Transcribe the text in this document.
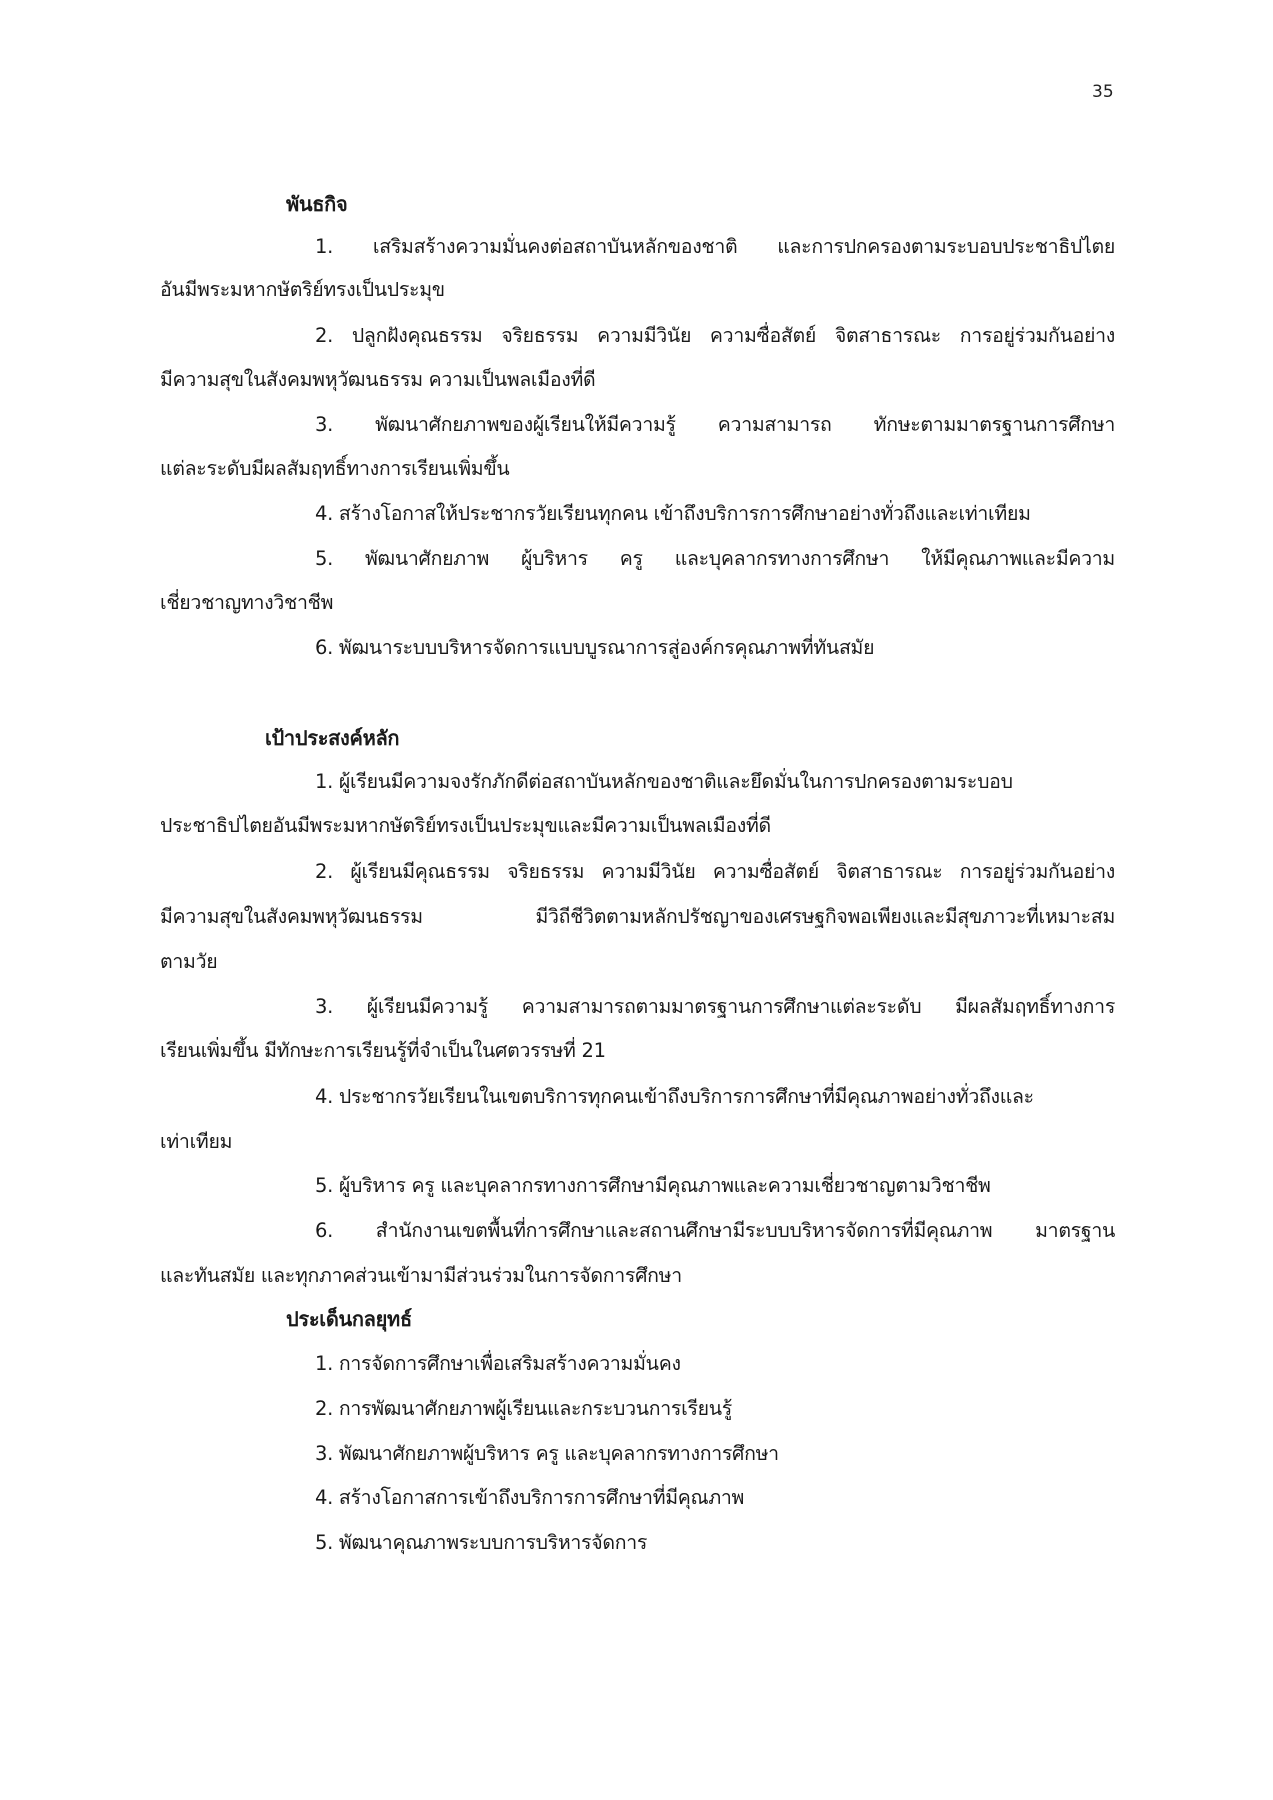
35
พันธกิจ
1. เสริมสร้างความมั่นคงต่อสถาบันหลักของชาติ และการปกครองตามระบอบประชาธิปไตย
อันมีพระมหากษัตริย์ทรงเป็นประมุข
2. ปลูกฝังคุณธรรม จริยธรรม ความมีวินัย ความซื่อสัตย์ จิตสาธารณะ การอยู่ร่วมกันอย่าง
มีความสุขในสังคมพหุวัฒนธรรม ความเป็นพลเมืองที่ดี
3. พัฒนาศักยภาพของผู้เรียนให้มีความรู้ ความสามารถ ทักษะตามมาตรฐานการศึกษา
แต่ละระดับมีผลสัมฤทธิ์ทางการเรียนเพิ่มขึ้น
4. สร้างโอกาสให้ประชากรวัยเรียนทุกคน เข้าถึงบริการการศึกษาอย่างทั่วถึงและเท่าเทียม
5. พัฒนาศักยภาพ ผู้บริหาร ครู และบุคลากรทางการศึกษา ให้มีคุณภาพและมีความ
เชี่ยวชาญทางวิชาชีพ
6. พัฒนาระบบบริหารจัดการแบบบูรณาการสู่องค์กรคุณภาพที่ทันสมัย
เป้าประสงค์หลัก
1. ผู้เรียนมีความจงรักภักดีต่อสถาบันหลักของชาติและยึดมั่นในการปกครองตามระบอบ
ประชาธิปไตยอันมีพระมหากษัตริย์ทรงเป็นประมุขและมีความเป็นพลเมืองที่ดี
2. ผู้เรียนมีคุณธรรม จริยธรรม ความมีวินัย ความซื่อสัตย์ จิตสาธารณะ การอยู่ร่วมกันอย่าง
มีความสุขในสังคมพหุวัฒนธรรม มีวิถีชีวิตตามหลักปรัชญาของเศรษฐกิจพอเพียงและมีสุขภาวะที่เหมาะสม
ตามวัย
3. ผู้เรียนมีความรู้ ความสามารถตามมาตรฐานการศึกษาแต่ละระดับ มีผลสัมฤทธิ์ทางการ
เรียนเพิ่มขึ้น มีทักษะการเรียนรู้ที่จำเป็นในศตวรรษที่ 21
4. ประชากรวัยเรียนในเขตบริการทุกคนเข้าถึงบริการการศึกษาที่มีคุณภาพอย่างทั่วถึงและ
เท่าเทียม
5. ผู้บริหาร ครู และบุคลากรทางการศึกษามีคุณภาพและความเชี่ยวชาญตามวิชาชีพ
6. สำนักงานเขตพื้นที่การศึกษาและสถานศึกษามีระบบบริหารจัดการที่มีคุณภาพ มาตรฐาน
และทันสมัย และทุกภาคส่วนเข้ามามีส่วนร่วมในการจัดการศึกษา
ประเด็นกลยุทธ์
1. การจัดการศึกษาเพื่อเสริมสร้างความมั่นคง
2. การพัฒนาศักยภาพผู้เรียนและกระบวนการเรียนรู้
3. พัฒนาศักยภาพผู้บริหาร ครู และบุคลากรทางการศึกษา
4. สร้างโอกาสการเข้าถึงบริการการศึกษาที่มีคุณภาพ
5. พัฒนาคุณภาพระบบการบริหารจัดการ
